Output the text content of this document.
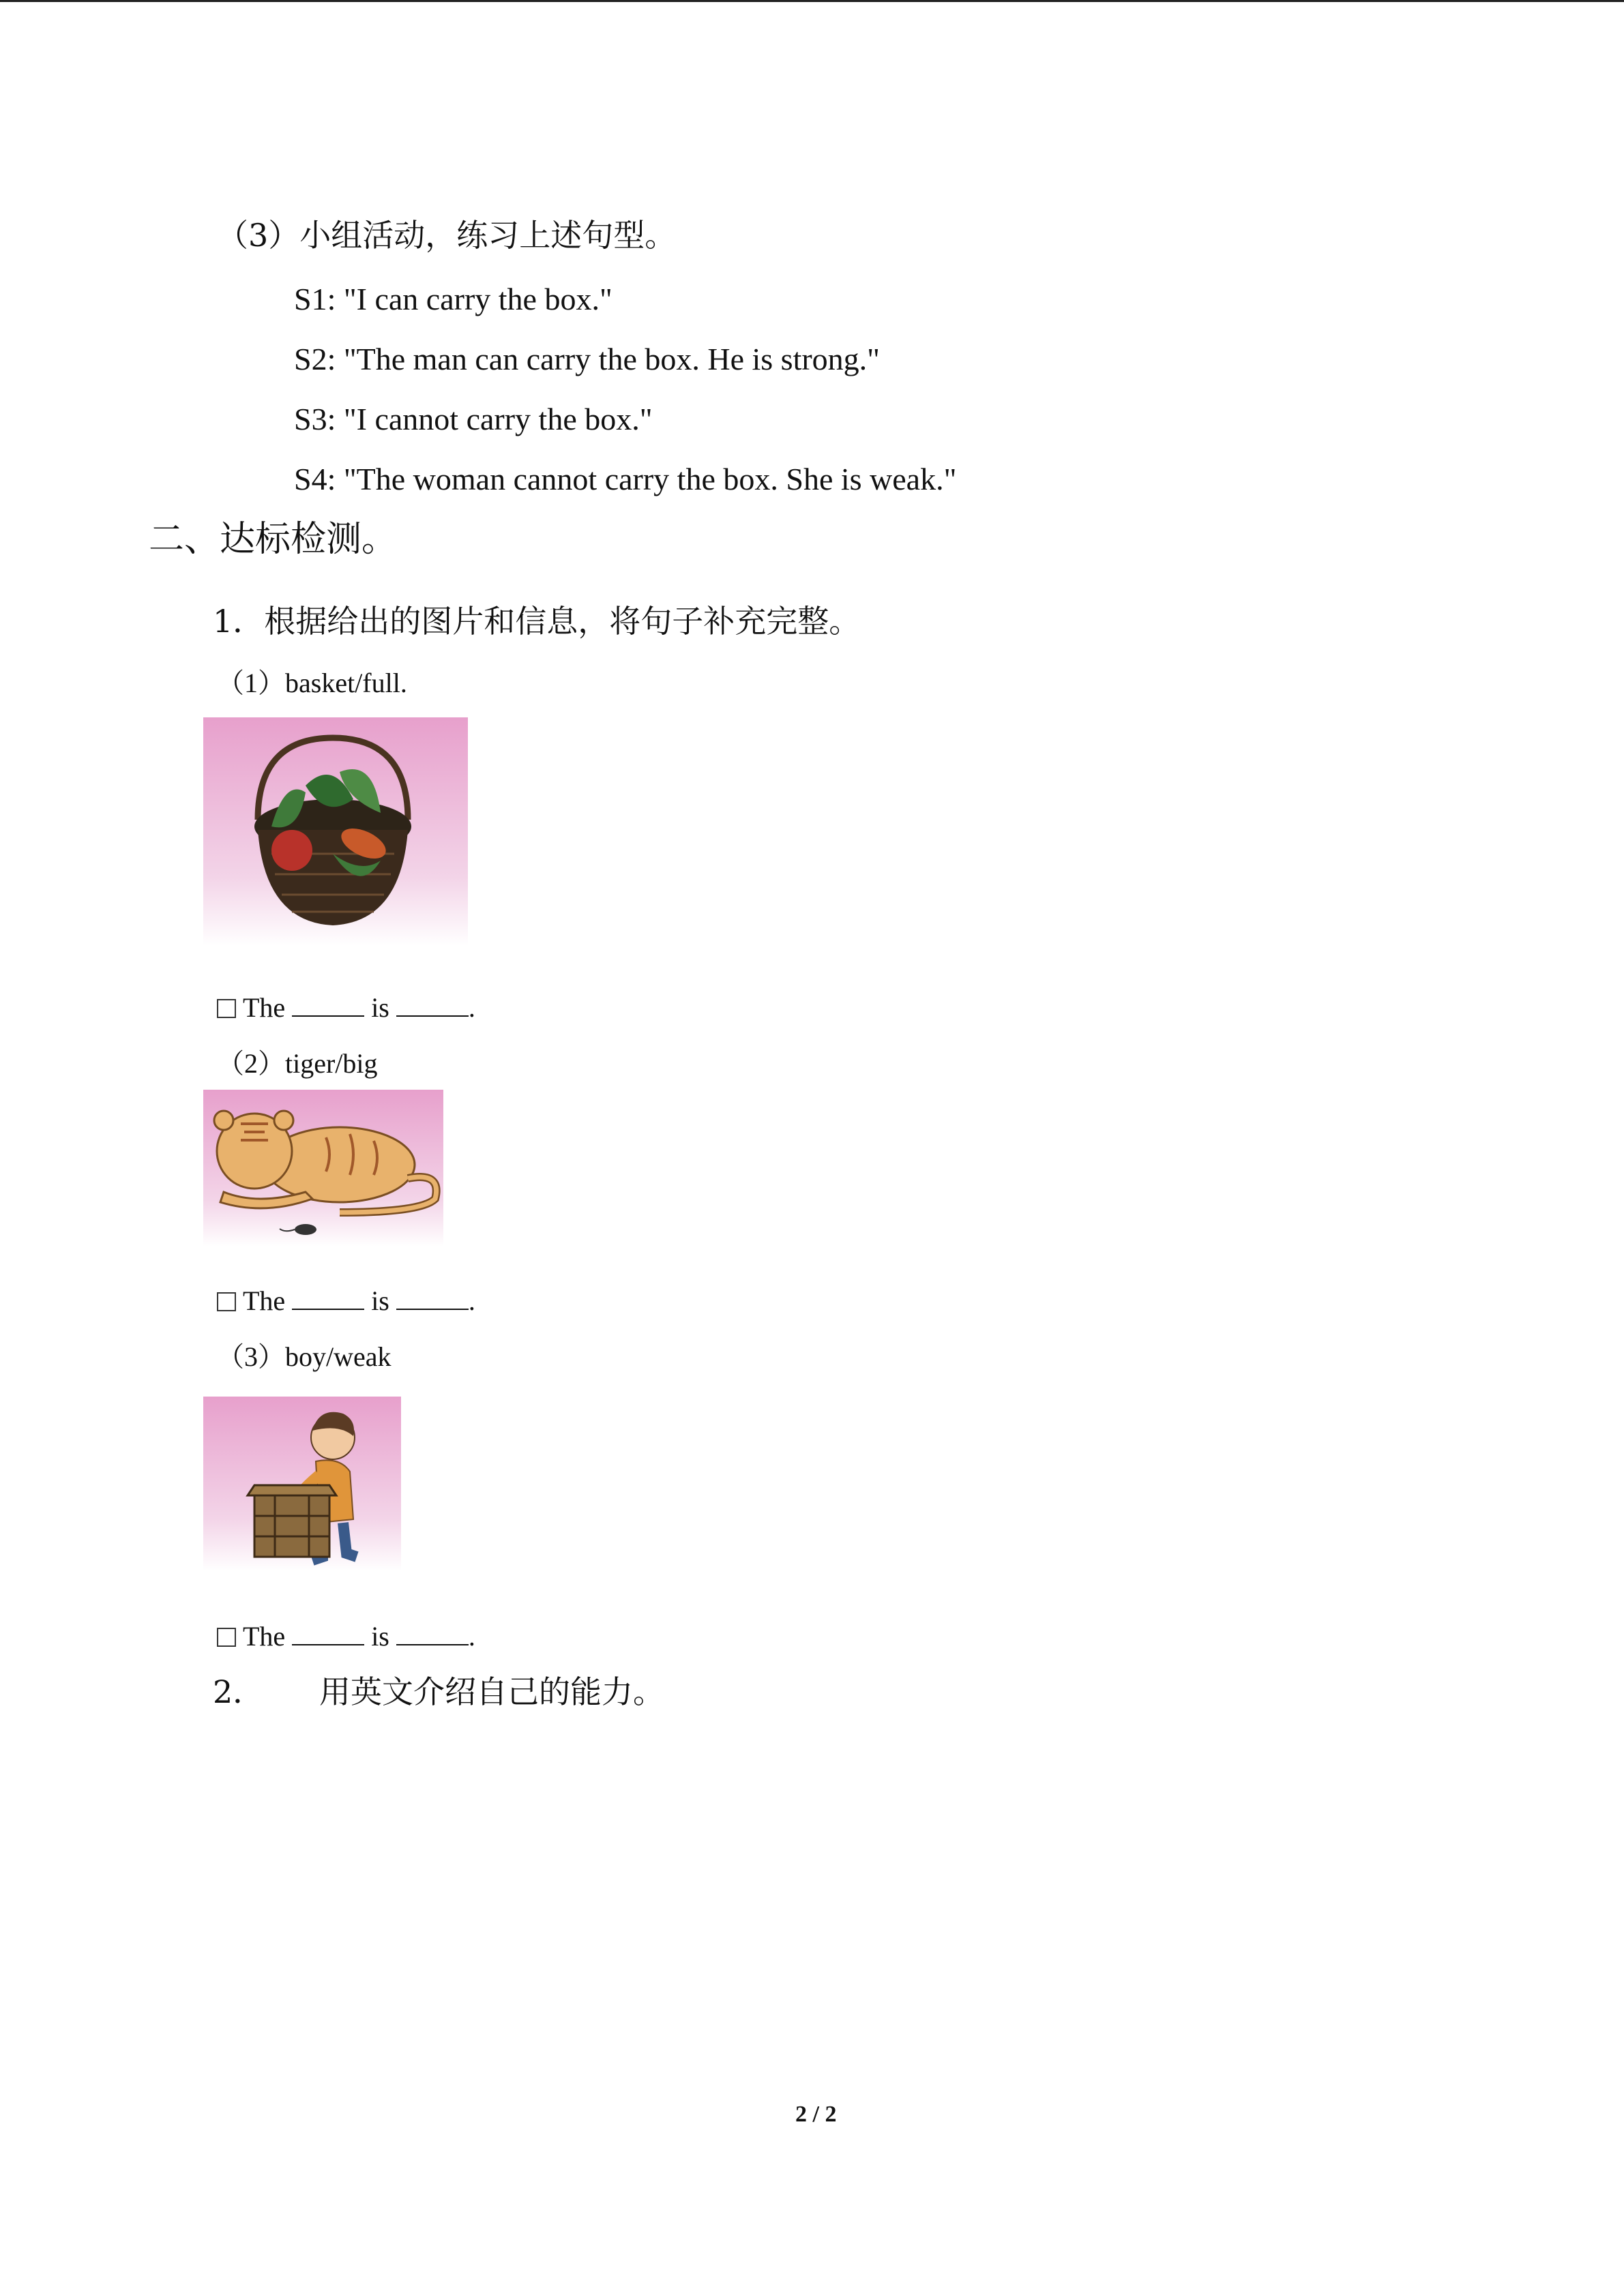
（3）小组活动，练习上述句型。
S1: "I can carry the box."
S2: "The man can carry the box. He is strong."
S3: "I cannot carry the box."
S4: "The woman cannot carry the box. She is weak."
二、达标检测。
1．根据给出的图片和信息，将句子补充完整。
（1）basket/full.
The	is	.
（2）tiger/big
The	is	.
（3）boy/weak
The	is	.
2． 用英文介绍自己的能力。
2 / 2
